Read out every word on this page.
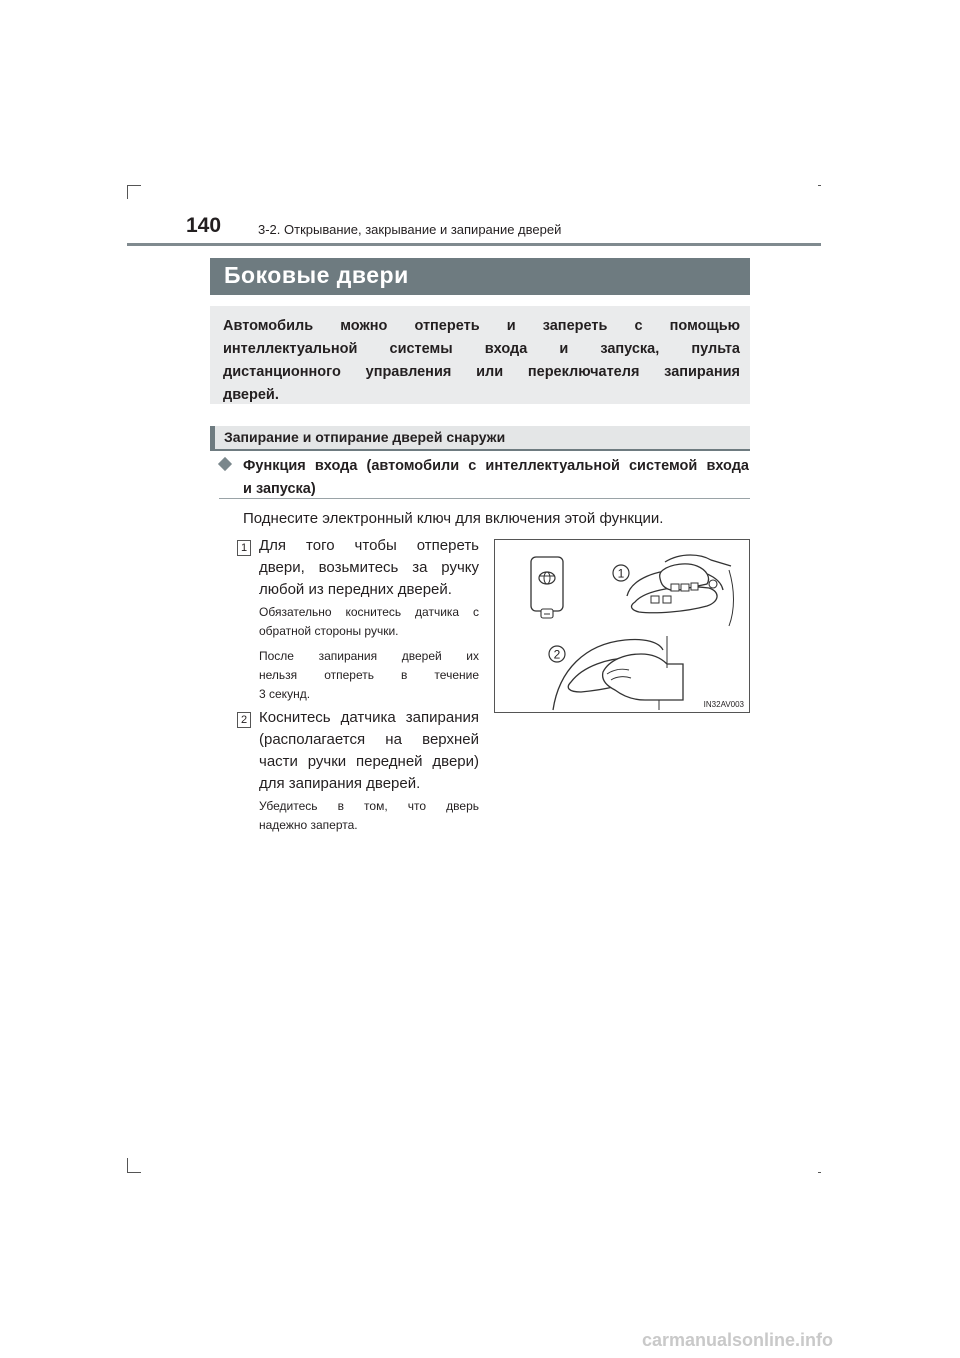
140	3-2. Открывание, закрывание и запирание дверей
Боковые двери

Автомобиль можно отпереть и запереть с помощью
интеллектуальной системы входа и запуска, пульта
дистанционного управления или переключателя запирания
дверей.

Запирание и отпирание дверей снаружи
Функция входа (автомобили с интеллектуальной системой входа
и запуска)
Поднесите электронный ключ для включения этой функции.
1 Для того чтобы отпереть
двери, возьмитесь за ручку
любой из передних дверей.
Обязательно коснитесь датчика с
обратной стороны ручки.
После запирания дверей их
нельзя отпереть в течение
3 секунд.
2 Коснитесь датчика запирания
(располагается на верхней
части ручки передней двери)
для запирания дверей.
Убедитесь в том, что дверь
надежно заперта.
1
2
IN32AV003
carmanualsonline.info
